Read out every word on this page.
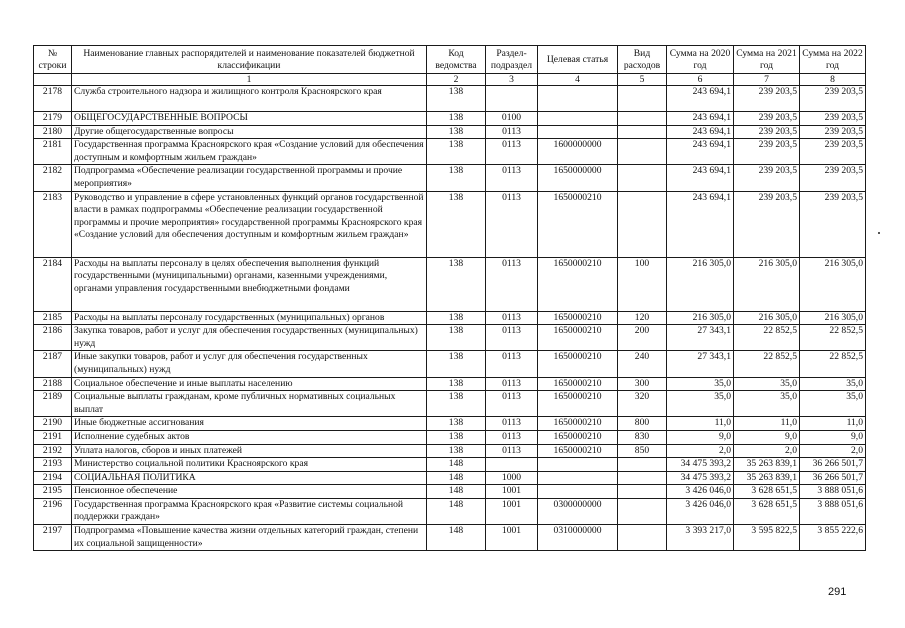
№ строки	Наименование главных распорядителей и наименование показателей бюджетной классификации	Код ведомства	Раздел-подраздел	Целевая статья	Вид расходов	Сумма на 2020 год	Сумма на 2021 год	Сумма на 2022 год
	1	2	3	4	5	6	7	8
2178	Служба строительного надзора и жилищного контроля Красноярского края	138				243 694,1	239 203,5	239 203,5
2179	ОБЩЕГОСУДАРСТВЕННЫЕ ВОПРОСЫ	138	0100			243 694,1	239 203,5	239 203,5
2180	Другие общегосударственные вопросы	138	0113			243 694,1	239 203,5	239 203,5
2181	Государственная программа Красноярского края «Создание условий для обеспечения доступным и комфортным жильем граждан»	138	0113	1600000000		243 694,1	239 203,5	239 203,5
2182	Подпрограмма «Обеспечение реализации государственной программы и прочие мероприятия»	138	0113	1650000000		243 694,1	239 203,5	239 203,5
2183	Руководство и управление в сфере установленных функций органов государственной власти в рамках подпрограммы «Обеспечение реализации государственной программы и прочие мероприятия» государственной программы Красноярского края «Создание условий для обеспечения доступным и комфортным жильем граждан»	138	0113	1650000210		243 694,1	239 203,5	239 203,5
2184	Расходы на выплаты персоналу в целях обеспечения выполнения функций государственными (муниципальными) органами, казенными учреждениями, органами управления государственными внебюджетными фондами	138	0113	1650000210	100	216 305,0	216 305,0	216 305,0
2185	Расходы на выплаты персоналу государственных (муниципальных) органов	138	0113	1650000210	120	216 305,0	216 305,0	216 305,0
2186	Закупка товаров, работ и услуг для обеспечения государственных (муниципальных) нужд	138	0113	1650000210	200	27 343,1	22 852,5	22 852,5
2187	Иные закупки товаров, работ и услуг для обеспечения государственных (муниципальных) нужд	138	0113	1650000210	240	27 343,1	22 852,5	22 852,5
2188	Социальное обеспечение и иные выплаты населению	138	0113	1650000210	300	35,0	35,0	35,0
2189	Социальные выплаты гражданам, кроме публичных нормативных социальных выплат	138	0113	1650000210	320	35,0	35,0	35,0
2190	Иные бюджетные ассигнования	138	0113	1650000210	800	11,0	11,0	11,0
2191	Исполнение судебных актов	138	0113	1650000210	830	9,0	9,0	9,0
2192	Уплата налогов, сборов и иных платежей	138	0113	1650000210	850	2,0	2,0	2,0
2193	Министерство социальной политики Красноярского края	148				34 475 393,2	35 263 839,1	36 266 501,7
2194	СОЦИАЛЬНАЯ ПОЛИТИКА	148	1000			34 475 393,2	35 263 839,1	36 266 501,7
2195	Пенсионное обеспечение	148	1001			3 426 046,0	3 628 651,5	3 888 051,6
2196	Государственная программа Красноярского края «Развитие системы социальной поддержки граждан»	148	1001	0300000000		3 426 046,0	3 628 651,5	3 888 051,6
2197	Подпрограмма «Повышение качества жизни отдельных категорий граждан, степени их социальной защищенности»	148	1001	0310000000		3 393 217,0	3 595 822,5	3 855 222,6
291
